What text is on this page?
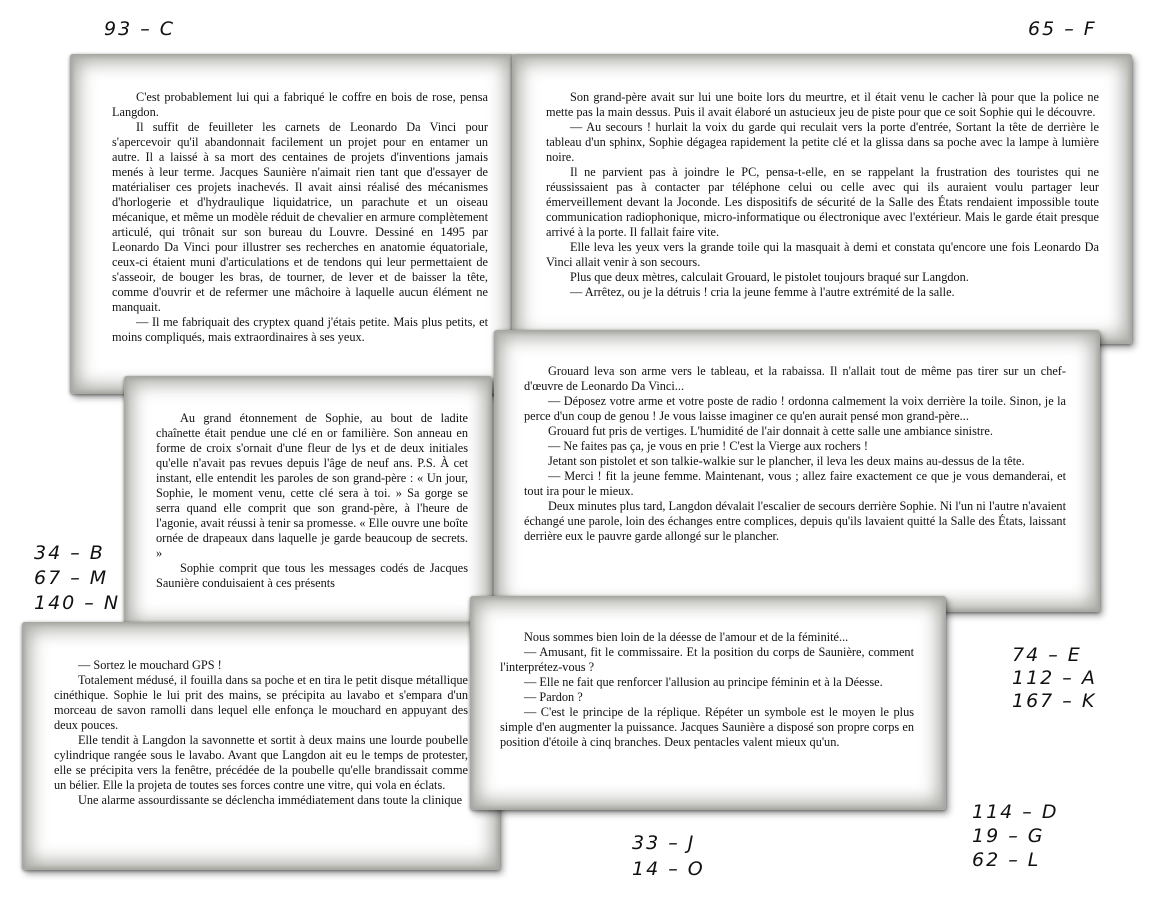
C'est probablement lui qui a fabriqué le coffre en bois de rose, pensa Langdon.

Il suffit de feuilleter les carnets de Leonardo Da Vinci pour s'apercevoir qu'il abandonnait facilement un projet pour en entamer un autre. Il a laissé à sa mort des centaines de projets d'inventions jamais menés à leur terme. Jacques Saunière n'aimait rien tant que d'essayer de matérialiser ces projets inachevés. Il avait ainsi réalisé des mécanismes d'horlogerie et d'hydraulique liquidatrice, un parachute et un oiseau mécanique, et même un modèle réduit de chevalier en armure complètement articulé, qui trônait sur son bureau du Louvre. Dessiné en 1495 par Leonardo Da Vinci pour illustrer ses recherches en anatomie équatoriale, ceux-ci étaient muni d'articulations et de tendons qui leur permettaient de s'asseoir, de bouger les bras, de tourner, de lever et de baisser la tête, comme d'ouvrir et de refermer une mâchoire à laquelle aucun élément ne manquait.

— Il me fabriquait des cryptex quand j'étais petite. Mais plus petits, et moins compliqués, mais extraordinaires à ses yeux.

Son grand-père avait sur lui une boite lors du meurtre, et il était venu le cacher là pour que la police ne mette pas la main dessus. Puis il avait élaboré un astucieux jeu de piste pour que ce soit Sophie qui le découvre.

— Au secours ! hurlait la voix du garde qui reculait vers la porte d'entrée, Sortant la tête de derrière le tableau d'un sphinx, Sophie dégagea rapidement la petite clé et la glissa dans sa poche avec la lampe à lumière noire.

Il ne parvient pas à joindre le PC, pensa-t-elle, en se rappelant la frustration des touristes qui ne réussissaient pas à contacter par téléphone celui ou celle avec qui ils auraient voulu partager leur émerveillement devant la Joconde. Les dispositifs de sécurité de la Salle des États rendaient impossible toute communication radiophonique, micro-informatique ou électronique avec l'extérieur. Mais le garde était presque arrivé à la porte. Il fallait faire vite.

Elle leva les yeux vers la grande toile qui la masquait à demi et constata qu'encore une fois Leonardo Da Vinci allait venir à son secours.

Plus que deux mètres, calculait Grouard, le pistolet toujours braqué sur Langdon.

— Arrêtez, ou je la détruis ! cria la jeune femme à l'autre extrémité de la salle.

Au grand étonnement de Sophie, au bout de ladite chaînette était pendue une clé en or familière. Son anneau en forme de croix s'ornait d'une fleur de lys et de deux initiales qu'elle n'avait pas revues depuis l'âge de neuf ans. P.S. À cet instant, elle entendit les paroles de son grand-père : « Un jour, Sophie, le moment venu, cette clé sera à toi. » Sa gorge se serra quand elle comprit que son grand-père, à l'heure de l'agonie, avait réussi à tenir sa promesse. « Elle ouvre une boîte ornée de drapeaux dans laquelle je garde beaucoup de secrets. »

Sophie comprit que tous les messages codés de Jacques Saunière conduisaient à ces présents

Grouard leva son arme vers le tableau, et la rabaissa. Il n'allait tout de même pas tirer sur un chef-d'œuvre de Leonardo Da Vinci...

— Déposez votre arme et votre poste de radio ! ordonna calmement la voix derrière la toile. Sinon, je la perce d'un coup de genou ! Je vous laisse imaginer ce qu'en aurait pensé mon grand-père...

Grouard fut pris de vertiges. L'humidité de l'air donnait à cette salle une ambiance sinistre.

— Ne faites pas ça, je vous en prie ! C'est la Vierge aux rochers !

Jetant son pistolet et son talkie-walkie sur le plancher, il leva les deux mains au-dessus de la tête.

— Merci ! fit la jeune femme. Maintenant, vous ; allez faire exactement ce que je vous demanderai, et tout ira pour le mieux.

Deux minutes plus tard, Langdon dévalait l'escalier de secours derrière Sophie. Ni l'un ni l'autre n'avaient échangé une parole, loin des échanges entre complices, depuis qu'ils lavaient quitté la Salle des États, laissant derrière eux le pauvre garde allongé sur le plancher.

— Sortez le mouchard GPS !

Totalement médusé, il fouilla dans sa poche et en tira le petit disque métallique cinéthique. Sophie le lui prit des mains, se précipita au lavabo et s'empara d'un morceau de savon ramolli dans lequel elle enfonça le mouchard en appuyant des deux pouces.

Elle tendit à Langdon la savonnette et sortit à deux mains une lourde poubelle cylindrique rangée sous le lavabo. Avant que Langdon ait eu le temps de protester, elle se précipita vers la fenêtre, précédée de la poubelle qu'elle brandissait comme un bélier. Elle la projeta de toutes ses forces contre une vitre, qui vola en éclats.

Une alarme assourdissante se déclencha immédiatement dans toute la clinique

Nous sommes bien loin de la déesse de l'amour et de la féminité...

— Amusant, fit le commissaire. Et la position du corps de Saunière, comment l'interprétez-vous ?

— Elle ne fait que renforcer l'allusion au principe féminin et à la Déesse.

— Pardon ?

— C'est le principe de la réplique. Répéter un symbole est le moyen le plus simple d'en augmenter la puissance. Jacques Saunière a disposé son propre corps en position d'étoile à cinq branches. Deux pentacles valent mieux qu'un.

93 – C	65 – F
34 – B
67 – M
140 – N
74 – E
112 – A
167 – K
114 – D
19 – G
62 – L
33 – J
14 – O
